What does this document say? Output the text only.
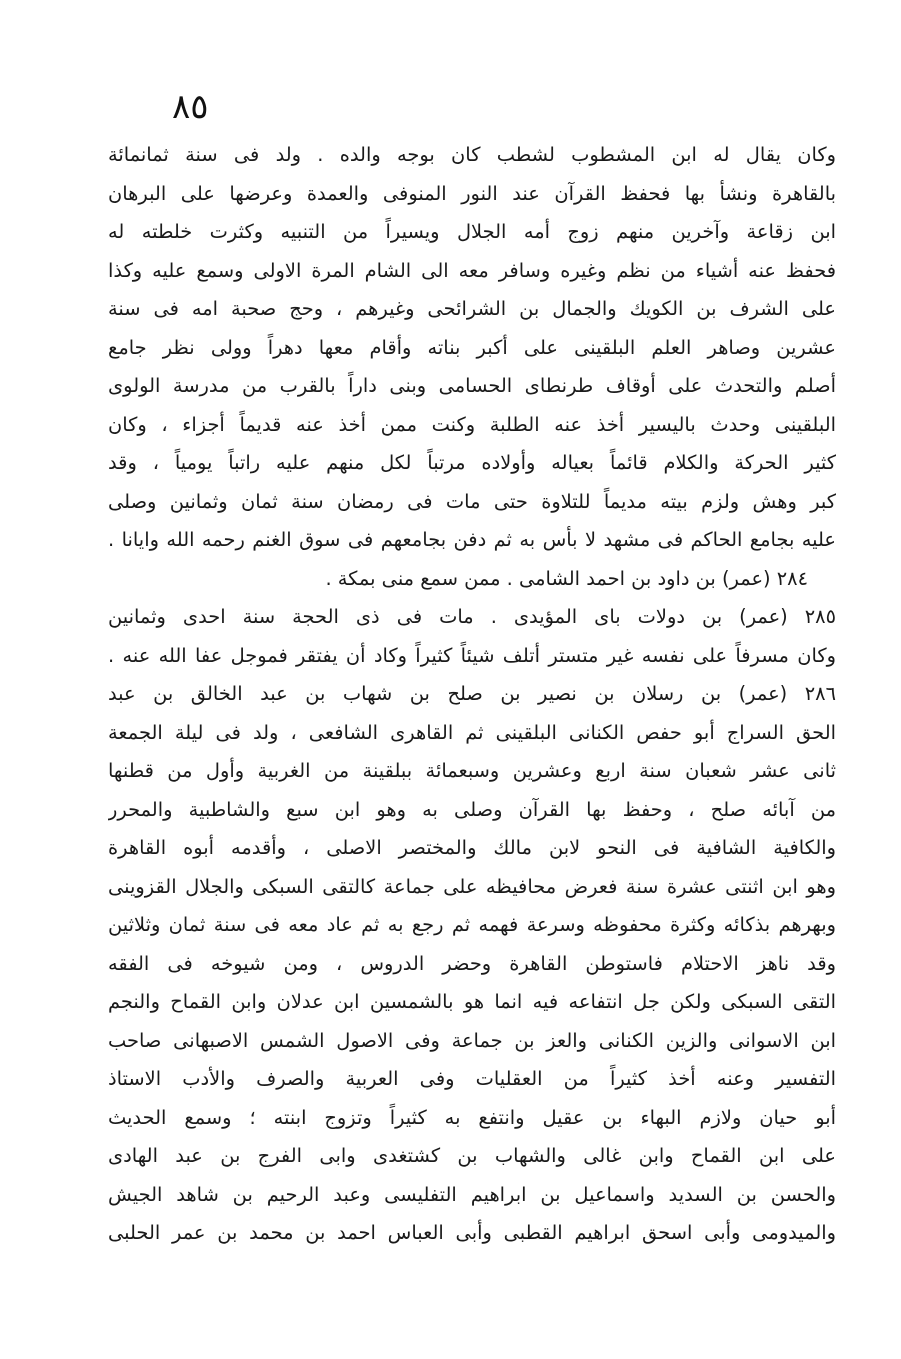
٨٥
وكان يقال له ابن المشطوب لشطب كان بوجه والده . ولد فى سنة ثمانمائة
بالقاهرة ونشأ بها فحفظ القرآن عند النور المنوفى والعمدة وعرضها على البرهان
ابن زقاعة وآخرين منهم زوج أمه الجلال ويسيراً من التنبيه وكثرت خلطته له
فحفظ عنه أشياء من نظم وغيره وسافر معه الى الشام المرة الاولى وسمع عليه وكذا
على الشرف بن الكويك والجمال بن الشرائحى وغيرهم ، وحج صحبة امه فى سنة
عشرين وصاهر العلم البلقينى على أكبر بناته وأقام معها دهراً وولى نظر جامع
أصلم والتحدث على أوقاف طرنطاى الحسامى وبنى داراً بالقرب من مدرسة الولوى
البلقينى وحدث باليسير أخذ عنه الطلبة وكنت ممن أخذ عنه قديماً أجزاء ، وكان
كثير الحركة والكلام قائماً بعياله وأولاده مرتباً لكل منهم عليه راتباً يومياً ، وقد
كبر وهش ولزم بيته مديماً للتلاوة حتى مات فى رمضان سنة ثمان وثمانين وصلى
عليه بجامع الحاكم فى مشهد لا بأس به ثم دفن بجامعهم فى سوق الغنم رحمه الله وايانا .
٢٨٤ (عمر) بن داود بن احمد الشامى . ممن سمع منى بمكة .
٢٨٥ (عمر) بن دولات باى المؤيدى . مات فى ذى الحجة سنة احدى وثمانين
وكان مسرفاً على نفسه غير متستر أتلف شيئاً كثيراً وكاد أن يفتقر فموجل عفا الله عنه .
٢٨٦ (عمر) بن رسلان بن نصير بن صلح بن شهاب بن عبد الخالق بن عبد
الحق السراج أبو حفص الكنانى البلقينى ثم القاهرى الشافعى ، ولد فى ليلة الجمعة
ثانى عشر شعبان سنة اربع وعشرين وسبعمائة ببلقينة من الغربية وأول من قطنها
من آبائه صلح ، وحفظ بها القرآن وصلى به وهو ابن سبع والشاطبية والمحرر
والكافية الشافية فى النحو لابن مالك والمختصر الاصلى ، وأقدمه أبوه القاهرة
وهو ابن اثنتى عشرة سنة فعرض محافيظه على جماعة كالتقى السبكى والجلال القزوينى
وبهرهم بذكائه وكثرة محفوظه وسرعة فهمه ثم رجع به ثم عاد معه فى سنة ثمان وثلاثين
وقد ناهز الاحتلام فاستوطن القاهرة وحضر الدروس ، ومن شيوخه فى الفقه
التقى السبكى ولكن جل انتفاعه فيه انما هو بالشمسين ابن عدلان وابن القماح والنجم
ابن الاسوانى والزين الكنانى والعز بن جماعة وفى الاصول الشمس الاصبهانى صاحب
التفسير وعنه أخذ كثيراً من العقليات وفى العربية والصرف والأدب الاستاذ
أبو حيان ولازم البهاء بن عقيل وانتفع به كثيراً وتزوج ابنته ؛ وسمع الحديث
على ابن القماح وابن غالى والشهاب بن كشتغدى وابى الفرج بن عبد الهادى
والحسن بن السديد واسماعيل بن ابراهيم التفليسى وعبد الرحيم بن شاهد الجيش
والميدومى وأبى اسحق ابراهيم القطبى وأبى العباس احمد بن محمد بن عمر الحلبى
